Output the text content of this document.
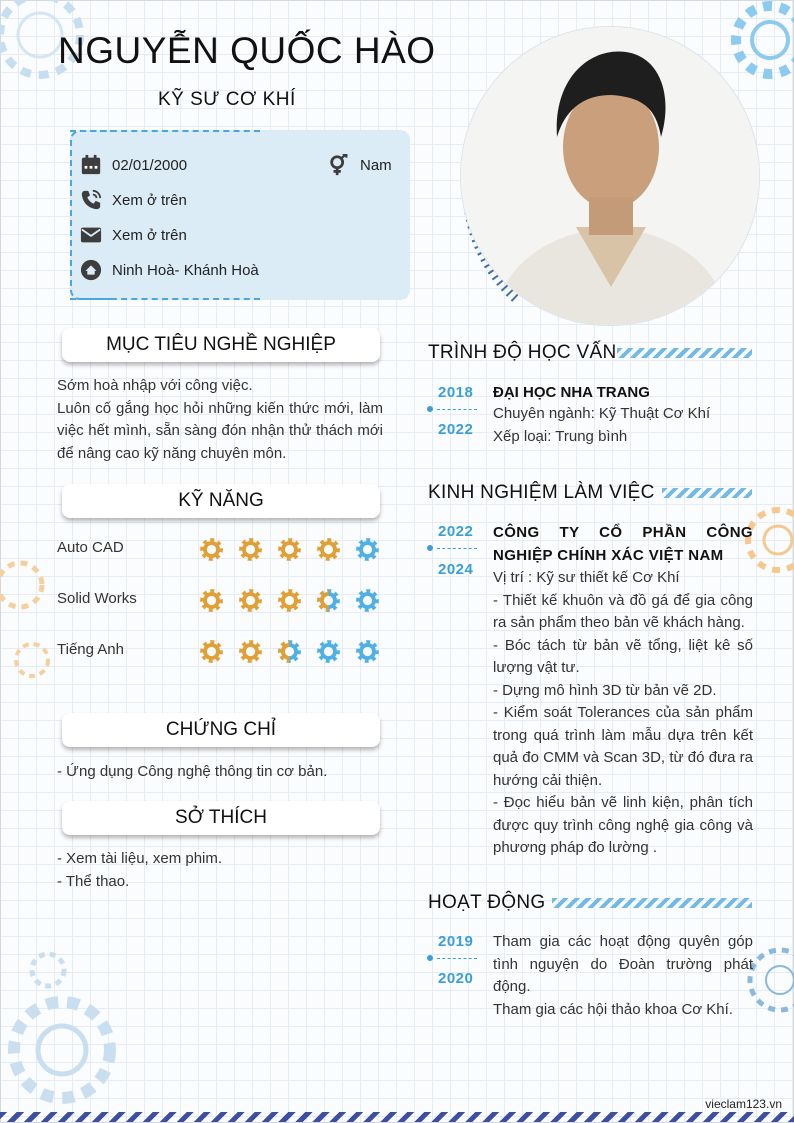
NGUYỄN QUỐC HÀO
KỸ SƯ CƠ KHÍ
02/01/2000	Nam
Xem ở trên
Xem ở trên
Ninh Hoà- Khánh Hoà
MỤC TIÊU NGHỀ NGHIỆP
Sớm hoà nhập với công việc.
Luôn cố gắng học hỏi những kiến thức mới, làm việc hết mình, sẵn sàng đón nhận thử thách mới để nâng cao kỹ năng chuyên môn.
KỸ NĂNG
Auto CAD
Solid Works
Tiếng Anh
CHỨNG CHỈ
- Ứng dụng Công nghệ thông tin cơ bản.
SỞ THÍCH
- Xem tài liệu, xem phim.
- Thể thao.
TRÌNH ĐỘ HỌC VẤN
2018
2022
ĐẠI HỌC NHA TRANG
Chuyên ngành: Kỹ Thuật Cơ Khí
Xếp loại: Trung bình
KINH NGHIỆM LÀM VIỆC
2022
2024
CÔNG TY CỔ PHẦN CÔNG NGHIỆP CHÍNH XÁC VIỆT NAM
Vị trí : Kỹ sư thiết kế Cơ Khí
- Thiết kế khuôn và đồ gá để gia công ra sản phẩm theo bản vẽ khách hàng.
- Bóc tách từ bản vẽ tổng, liệt kê số lượng vật tư.
- Dựng mô hình 3D từ bản vẽ 2D.
- Kiểm soát Tolerances của sản phẩm trong quá trình làm mẫu dựa trên kết quả đo CMM và Scan 3D, từ đó đưa ra hướng cải thiện.
- Đọc hiểu bản vẽ linh kiện, phân tích được quy trình công nghệ gia công và phương pháp đo lường .
HOẠT ĐỘNG
2019
2020
Tham gia các hoạt động quyên góp tình nguyện do Đoàn trường phát động.
Tham gia các hội thảo khoa Cơ Khí.
vieclam123.vn
